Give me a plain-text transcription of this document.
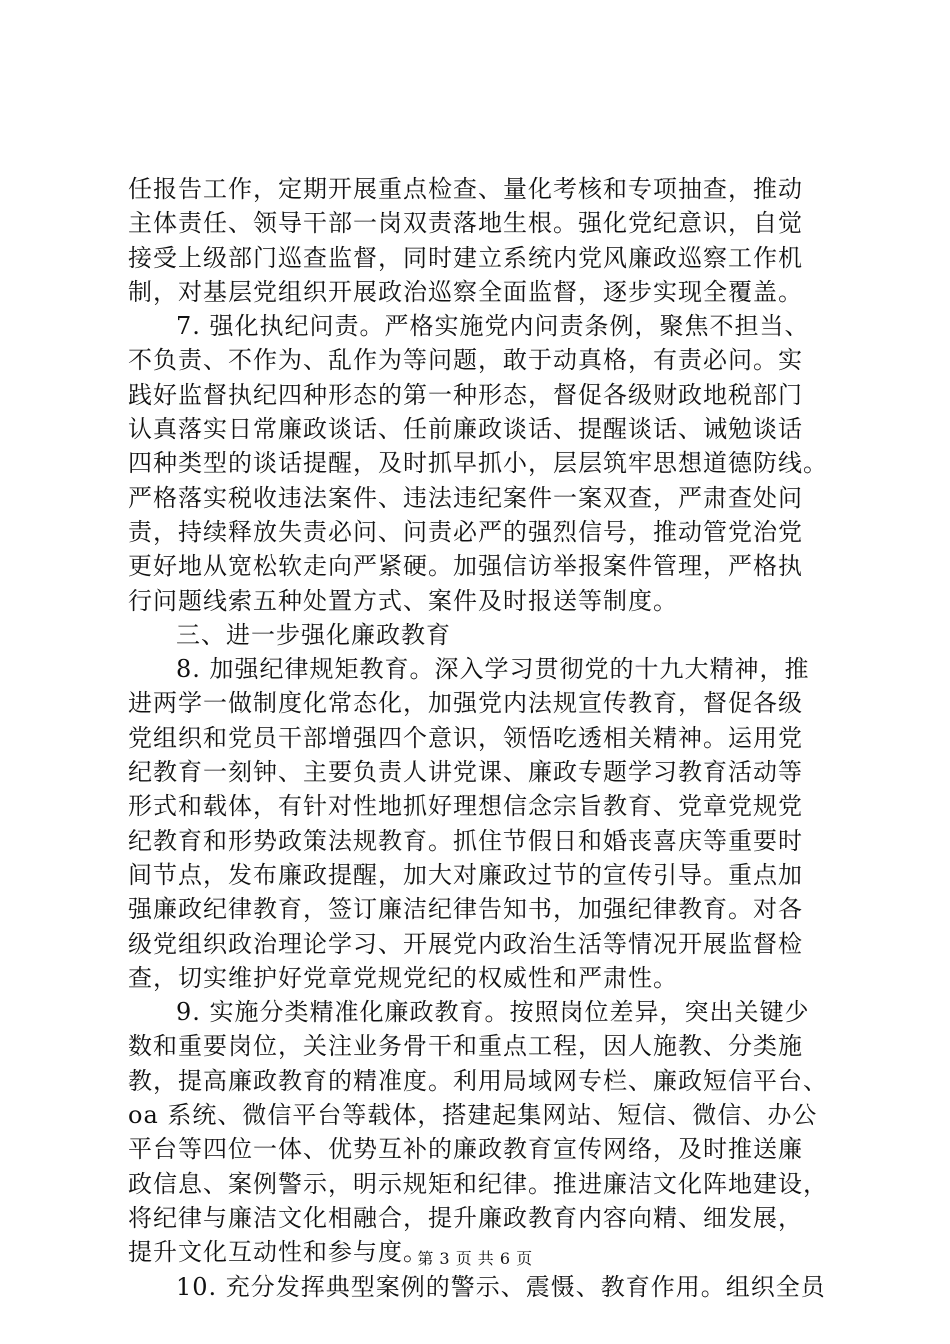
任报告工作，定期开展重点检查、量化考核和专项抽查，推动
主体责任、领导干部一岗双责落地生根。强化党纪意识，自觉
接受上级部门巡查监督，同时建立系统内党风廉政巡察工作机
制，对基层党组织开展政治巡察全面监督，逐步实现全覆盖。
7. 强化执纪问责。严格实施党内问责条例，聚焦不担当、
不负责、不作为、乱作为等问题，敢于动真格，有责必问。实
践好监督执纪四种形态的第一种形态，督促各级财政地税部门
认真落实日常廉政谈话、任前廉政谈话、提醒谈话、诫勉谈话
四种类型的谈话提醒，及时抓早抓小，层层筑牢思想道德防线。
严格落实税收违法案件、违法违纪案件一案双查，严肃查处问
责，持续释放失责必问、问责必严的强烈信号，推动管党治党
更好地从宽松软走向严紧硬。加强信访举报案件管理，严格执
行问题线索五种处置方式、案件及时报送等制度。
三、进一步强化廉政教育
8. 加强纪律规矩教育。深入学习贯彻党的十九大精神，推
进两学一做制度化常态化，加强党内法规宣传教育，督促各级
党组织和党员干部增强四个意识，领悟吃透相关精神。运用党
纪教育一刻钟、主要负责人讲党课、廉政专题学习教育活动等
形式和载体，有针对性地抓好理想信念宗旨教育、党章党规党
纪教育和形势政策法规教育。抓住节假日和婚丧喜庆等重要时
间节点，发布廉政提醒，加大对廉政过节的宣传引导。重点加
强廉政纪律教育，签订廉洁纪律告知书，加强纪律教育。对各
级党组织政治理论学习、开展党内政治生活等情况开展监督检
查，切实维护好党章党规党纪的权威性和严肃性。
9. 实施分类精准化廉政教育。按照岗位差异，突出关键少
数和重要岗位，关注业务骨干和重点工程，因人施教、分类施
教，提高廉政教育的精准度。利用局域网专栏、廉政短信平台、
oa 系统、微信平台等载体，搭建起集网站、短信、微信、办公
平台等四位一体、优势互补的廉政教育宣传网络，及时推送廉
政信息、案例警示，明示规矩和纪律。推进廉洁文化阵地建设，
将纪律与廉洁文化相融合，提升廉政教育内容向精、细发展，
提升文化互动性和参与度。
10. 充分发挥典型案例的警示、震慑、教育作用。组织全员
第 3 页 共 6 页
